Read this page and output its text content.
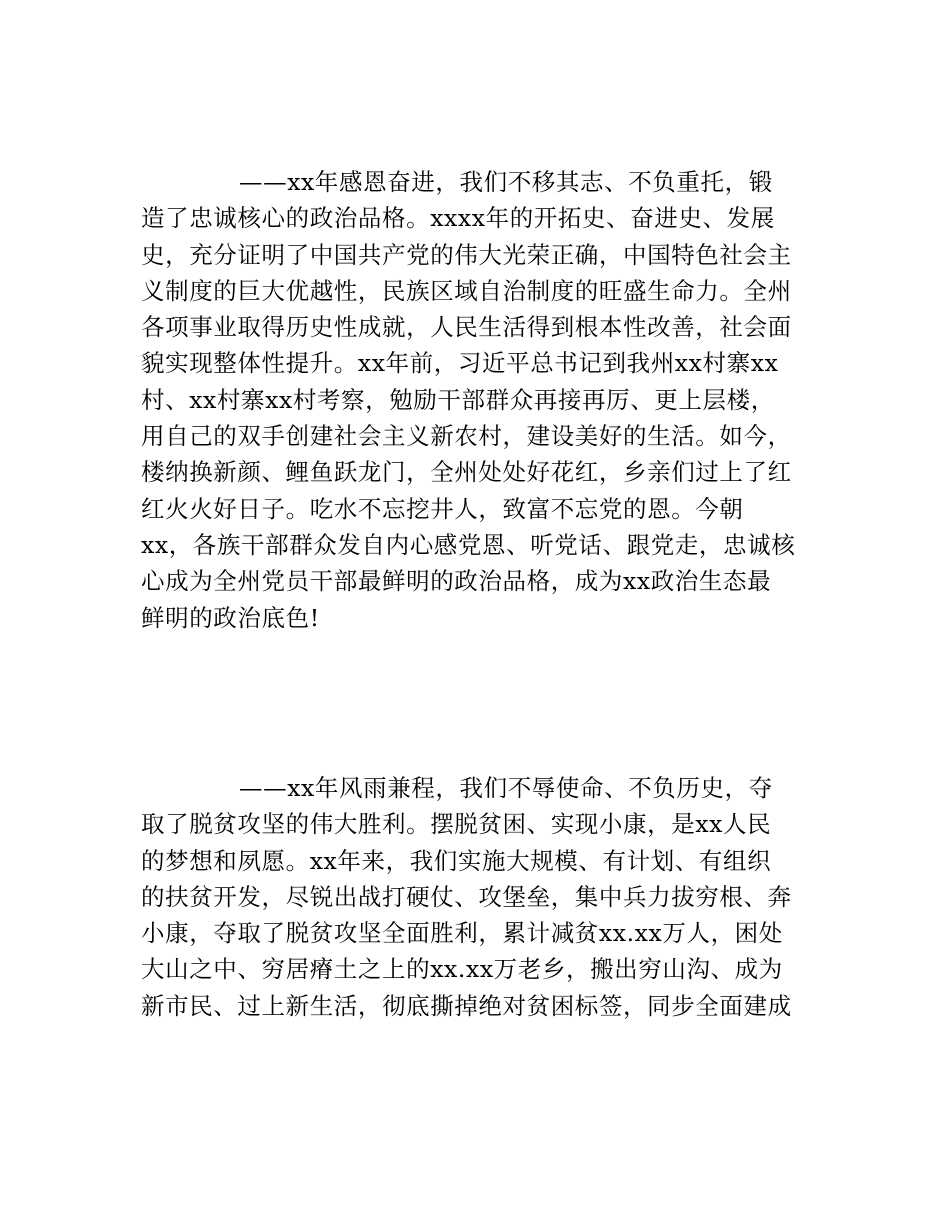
——xx年感恩奋进，我们不移其志、不负重托，锻
造了忠诚核心的政治品格。xxxx年的开拓史、奋进史、发展
史，充分证明了中国共产党的伟大光荣正确，中国特色社会主
义制度的巨大优越性，民族区域自治制度的旺盛生命力。全州
各项事业取得历史性成就，人民生活得到根本性改善，社会面
貌实现整体性提升。xx年前，习近平总书记到我州xx村寨xx
村、xx村寨xx村考察，勉励干部群众再接再厉、更上层楼，
用自己的双手创建社会主义新农村，建设美好的生活。如今，
楼纳换新颜、鲤鱼跃龙门，全州处处好花红，乡亲们过上了红
红火火好日子。吃水不忘挖井人，致富不忘党的恩。今朝
xx，各族干部群众发自内心感党恩、听党话、跟党走，忠诚核
心成为全州党员干部最鲜明的政治品格，成为xx政治生态最
鲜明的政治底色!
——xx年风雨兼程，我们不辱使命、不负历史，夺
取了脱贫攻坚的伟大胜利。摆脱贫困、实现小康，是xx人民
的梦想和夙愿。xx年来，我们实施大规模、有计划、有组织
的扶贫开发，尽锐出战打硬仗、攻堡垒，集中兵力拔穷根、奔
小康，夺取了脱贫攻坚全面胜利，累计减贫xx.xx万人，困处
大山之中、穷居瘠土之上的xx.xx万老乡，搬出穷山沟、成为
新市民、过上新生活，彻底撕掉绝对贫困标签，同步全面建成
